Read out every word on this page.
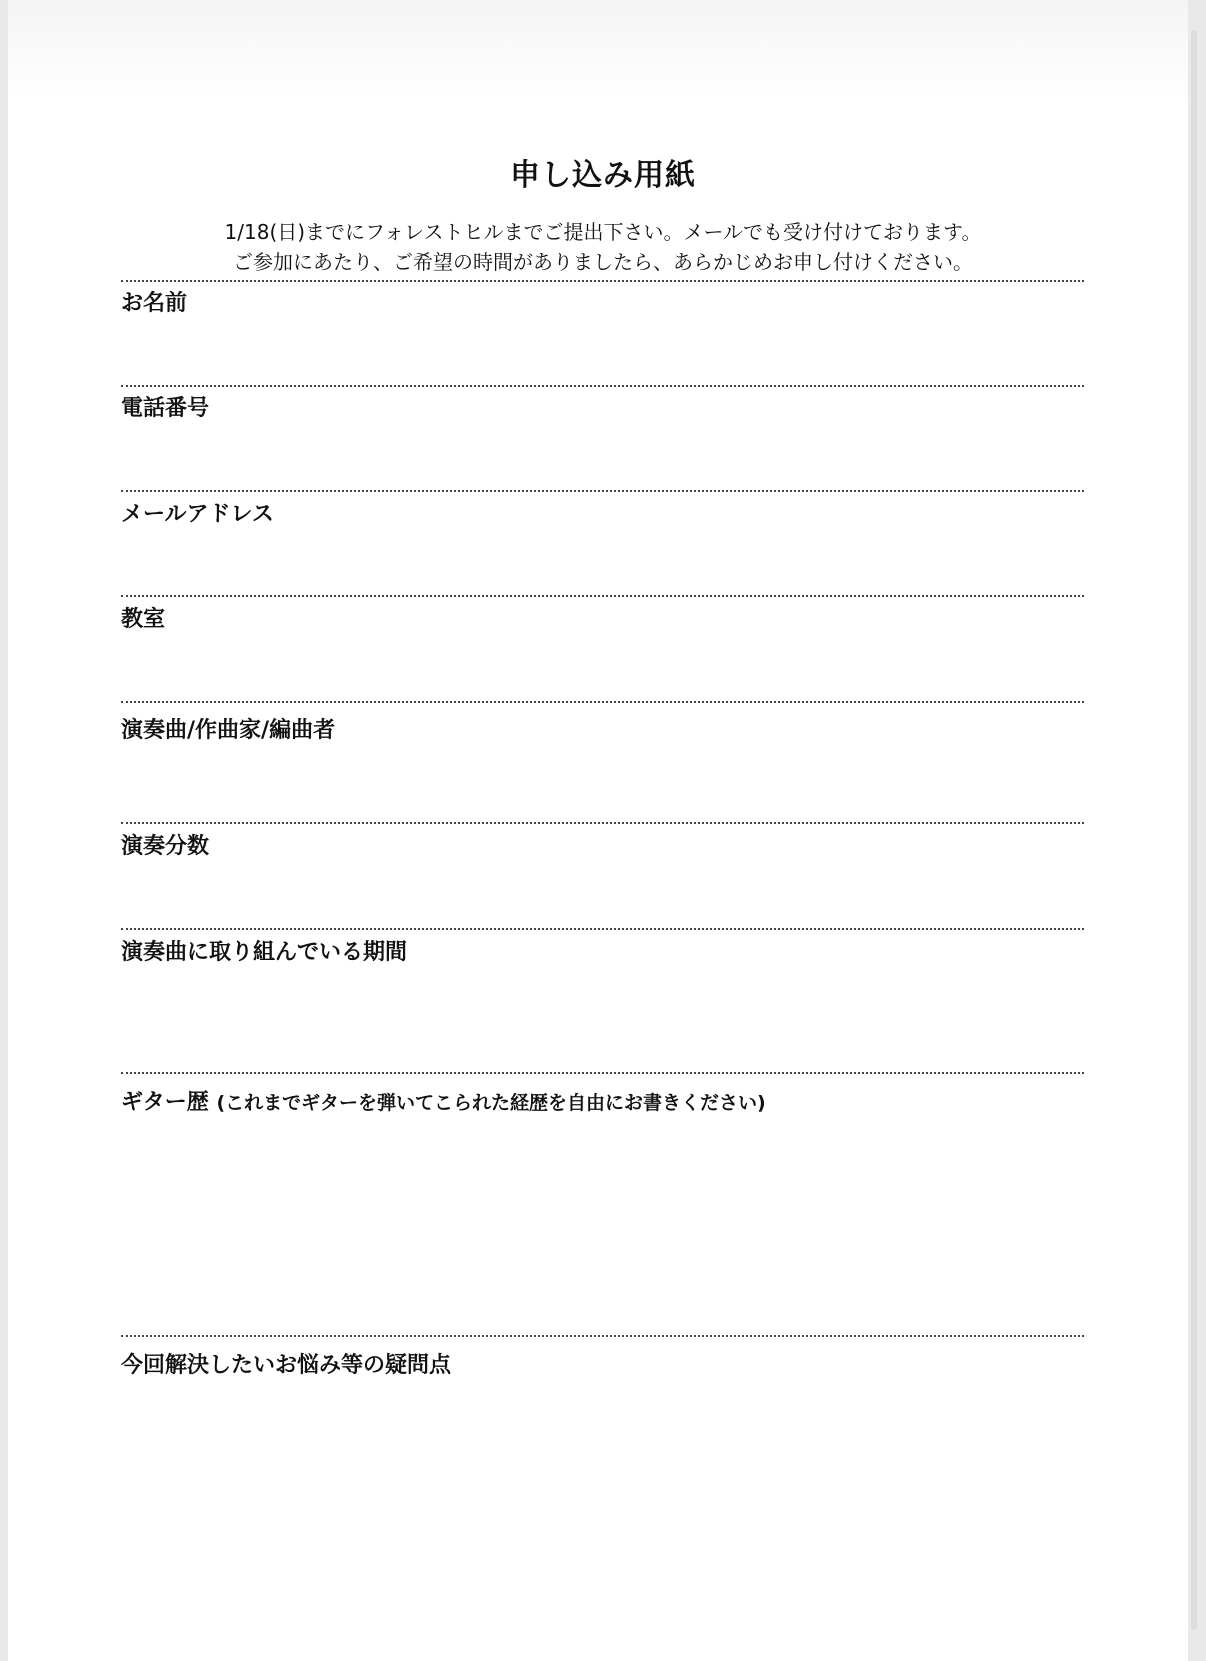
申し込み用紙
1/18(日)までにフォレストヒルまでご提出下さい。メールでも受け付けております。
ご参加にあたり、ご希望の時間がありましたら、あらかじめお申し付けください。
お名前
電話番号
メールアドレス
教室
演奏曲/作曲家/編曲者
演奏分数
演奏曲に取り組んでいる期間
ギター歴 (これまでギターを弾いてこられた経歴を自由にお書きください)
今回解決したいお悩み等の疑問点
